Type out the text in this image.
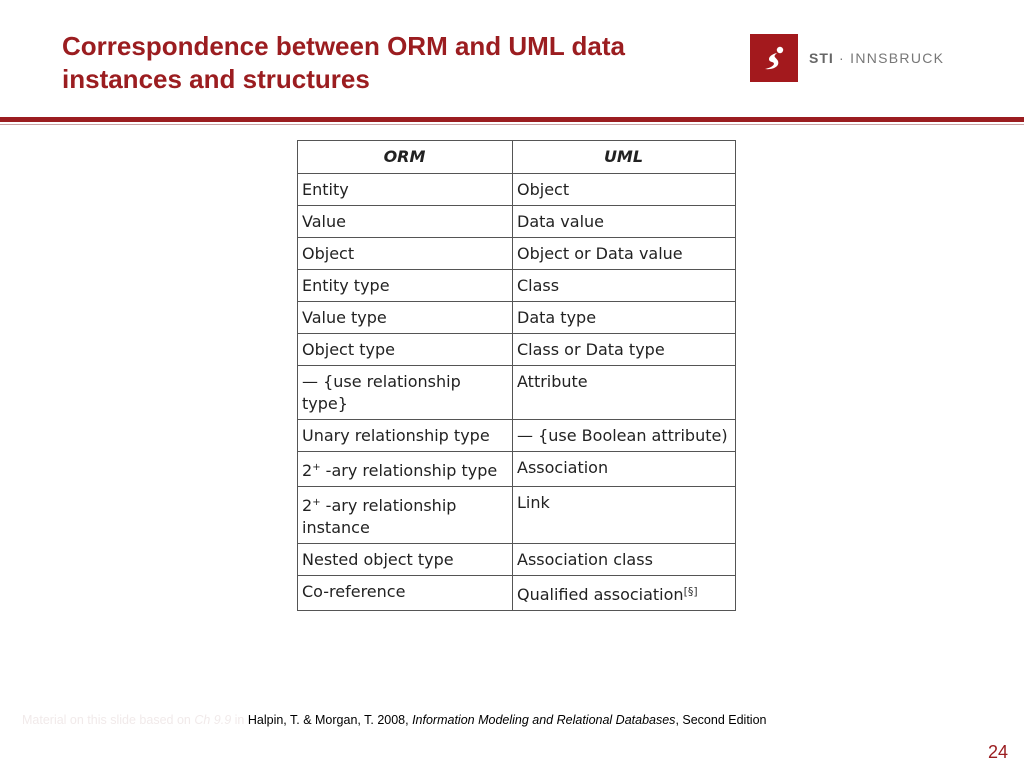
Correspondence between ORM and UML data instances and structures
STI · INNSBRUCK
ORM	UML
Entity	Object
Value	Data value
Object	Object or Data value
Entity type	Class
Value type	Data type
Object type	Class or Data type
— {use relationship type}	Attribute
Unary relationship type	— {use Boolean attribute)
2+ -ary relationship type	Association
2+ -ary relationship instance	Link
Nested object type	Association class
Co-reference	Qualified association[§]
Material on this slide based on Ch 9.9 in Halpin, T. & Morgan, T. 2008, Information Modeling and Relational Databases, Second Edition
24
